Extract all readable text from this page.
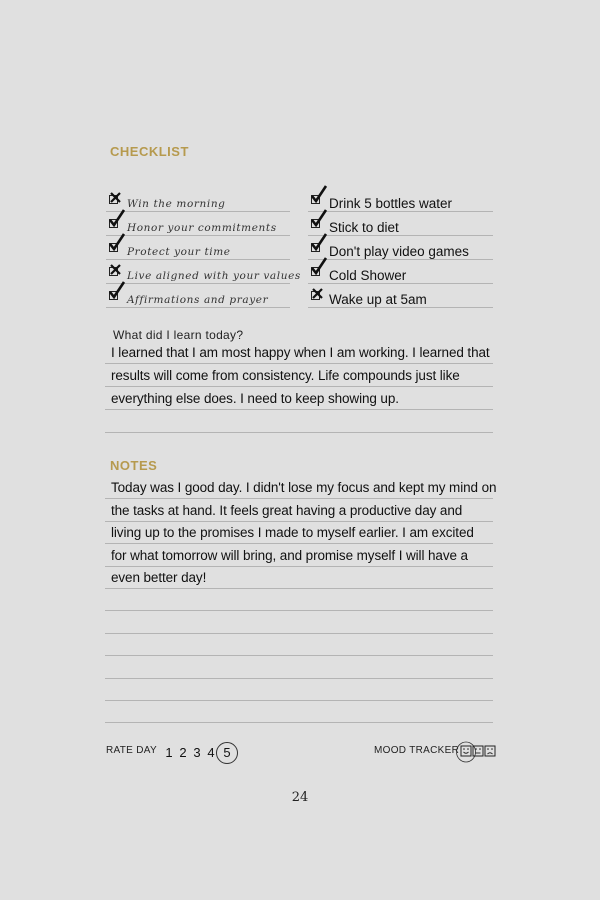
CHECKLIST
Win the morning
Honor your commitments
Protect your time
Live aligned with your values
Affirmations and prayer
Drink 5 bottles water
Stick to diet
Don't play video games
Cold Shower
Wake up at 5am
What did I learn today?
I learned that I am most happy when I am working. I learned that
results will come from consistency. Life compounds just like
everything else does. I need to keep showing up.
NOTES
Today was I good day. I didn't lose my focus and kept my mind on
the tasks at hand. It feels great having a productive day and
living up to the promises I made to myself earlier. I am excited
for what tomorrow will bring, and promise myself I will have a
even better day!
RATE DAY 1 2 3 4 5	MOOD TRACKER
24
